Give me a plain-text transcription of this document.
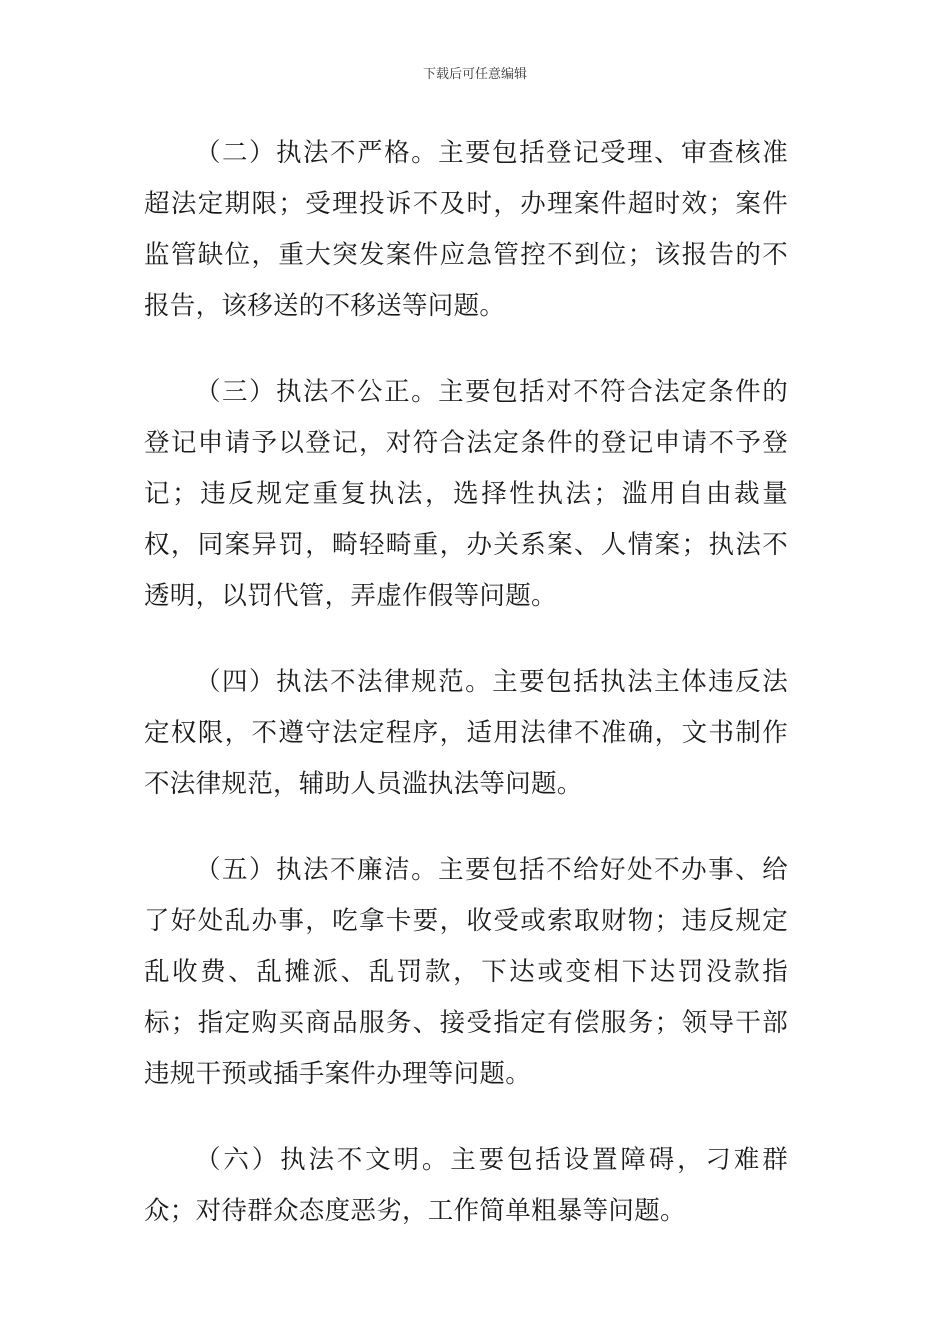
下载后可任意编辑

（二）执法不严格。主要包括登记受理、审查核准超法定期限；受理投诉不及时，办理案件超时效；案件监管缺位，重大突发案件应急管控不到位；该报告的不报告，该移送的不移送等问题。

（三）执法不公正。主要包括对不符合法定条件的登记申请予以登记，对符合法定条件的登记申请不予登记；违反规定重复执法，选择性执法；滥用自由裁量权，同案异罚，畸轻畸重，办关系案、人情案；执法不透明，以罚代管，弄虚作假等问题。

（四）执法不法律规范。主要包括执法主体违反法定权限，不遵守法定程序，适用法律不准确，文书制作不法律规范，辅助人员滥执法等问题。

（五）执法不廉洁。主要包括不给好处不办事、给了好处乱办事，吃拿卡要，收受或索取财物；违反规定乱收费、乱摊派、乱罚款，下达或变相下达罚没款指标；指定购买商品服务、接受指定有偿服务；领导干部违规干预或插手案件办理等问题。

（六）执法不文明。主要包括设置障碍，刁难群众；对待群众态度恶劣，工作简单粗暴等问题。
